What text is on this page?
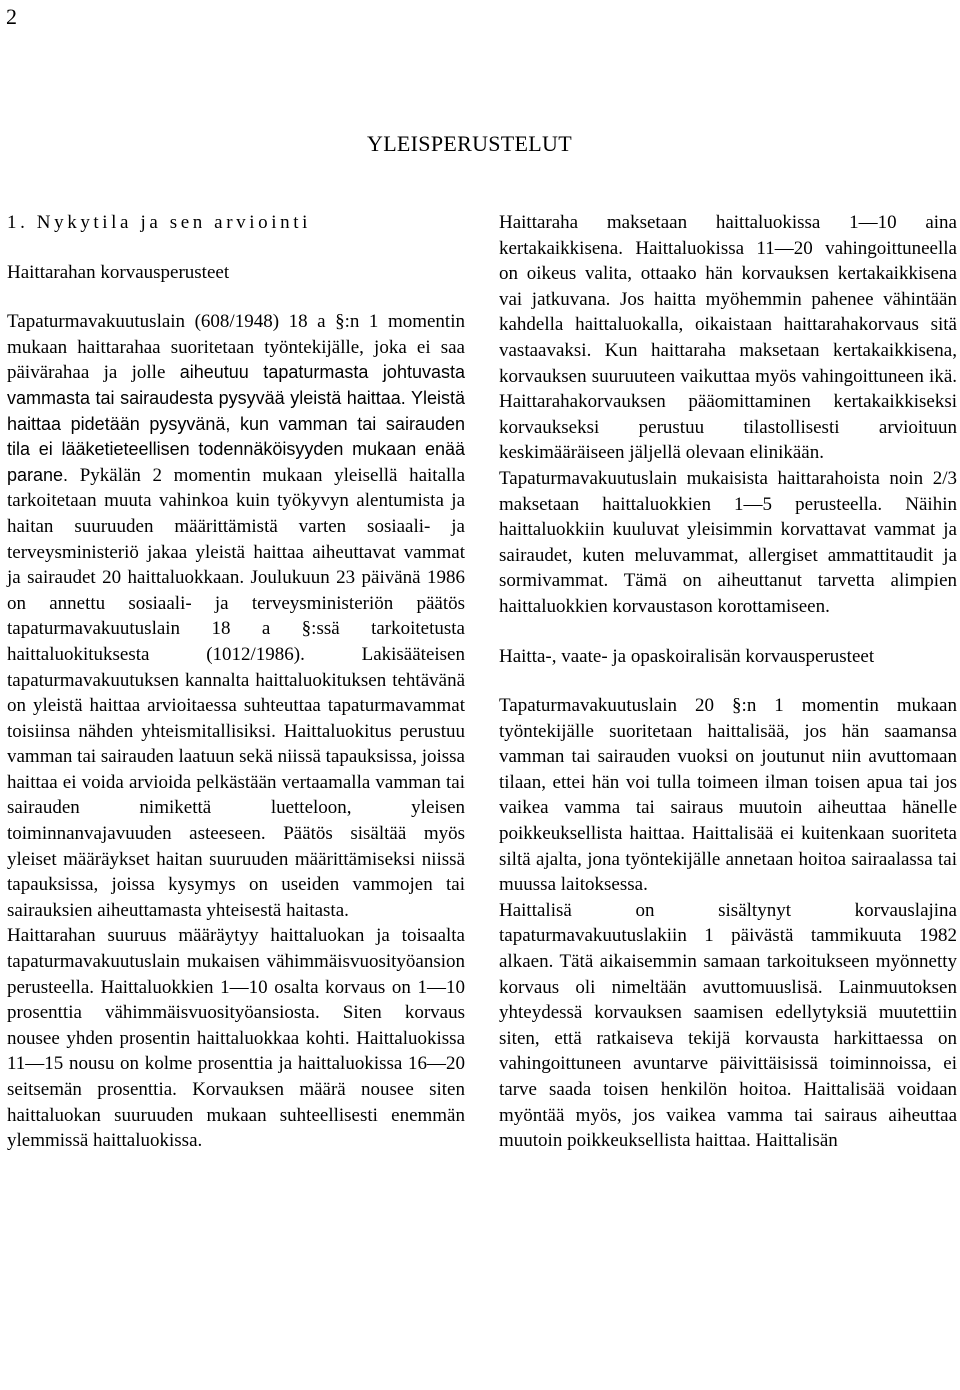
2
YLEISPERUSTELUT
1. Nykytila ja sen arviointi
Haittarahan korvausperusteet

Tapaturmavakuutuslain (608/1948) 18 a §:n 1 momentin mukaan haittarahaa suoritetaan työntekijälle, joka ei saa päivärahaa ja jolle aiheutuu tapaturmasta johtuvasta vammasta tai sairaudesta pysyvää yleistä haittaa. Yleistä haittaa pidetään pysyvänä, kun vamman tai sairauden tila ei lääketieteellisen todennäköisyyden mukaan enää parane. Pykälän 2 momentin mukaan yleisellä haitalla tarkoitetaan muuta vahinkoa kuin työkyvyn alentumista ja haitan suuruuden määrittämistä varten sosiaali- ja terveysministeriö jakaa yleistä haittaa aiheuttavat vammat ja sairaudet 20 haittaluokkaan. Joulukuun 23 päivänä 1986 on annettu sosiaali- ja terveysministeriön päätös tapaturmavakuutuslain 18 a §:ssä tarkoitetusta haittaluokituksesta (1012/1986). Lakisääteisen tapaturmavakuutuksen kannalta haittaluokituksen tehtävänä on yleistä haittaa arvioitaessa suhteuttaa tapaturmavammat toisiinsa nähden yhteismitallisiksi. Haittaluokitus perustuu vamman tai sairauden laatuun sekä niissä tapauksissa, joissa haittaa ei voida arvioida pelkästään vertaamalla vamman tai sairauden nimikettä luetteloon, yleisen toiminnanvajavuuden asteeseen. Päätös sisältää myös yleiset määräykset haitan suuruuden määrittämiseksi niissä tapauksissa, joissa kysymys on useiden vammojen tai sairauksien aiheuttamasta yhteisestä haitasta.

Haittarahan suuruus määräytyy haittaluokan ja toisaalta tapaturmavakuutuslain mukaisen vähimmäisvuosityöansion perusteella. Haittaluokkien 1—10 osalta korvaus on 1—10 prosenttia vähimmäisvuosityöansiosta. Siten korvaus nousee yhden prosentin haittaluokkaa kohti. Haittaluokissa 11—15 nousu on kolme prosenttia ja haittaluokissa 16—20 seitsemän prosenttia. Korvauksen määrä nousee siten haittaluokan suuruuden mukaan suhteellisesti enemmän ylemmissä haittaluokissa.

Haittaraha maksetaan haittaluokissa 1—10 aina kertakaikkisena. Haittaluokissa 11—20 vahingoittuneella on oikeus valita, ottaako hän korvauksen kertakaikkisena vai jatkuvana. Jos haitta myöhemmin pahenee vähintään kahdella haittaluokalla, oikaistaan haittarahakorvaus sitä vastaavaksi. Kun haittaraha maksetaan kertakaikkisena, korvauksen suuruuteen vaikuttaa myös vahingoittuneen ikä. Haittarahakorvauksen pääomittaminen kertakaikkiseksi korvaukseksi perustuu tilastollisesti arvioituun keskimääräiseen jäljellä olevaan elinikään.

Tapaturmavakuutuslain mukaisista haittarahoista noin 2/3 maksetaan haittaluokkien 1—5 perusteella. Näihin haittaluokkiin kuuluvat yleisimmin korvattavat vammat ja sairaudet, kuten meluvammat, allergiset ammattitaudit ja sormivammat. Tämä on aiheuttanut tarvetta alimpien haittaluokkien korvaustason korottamiseen.

Haitta-, vaate- ja opaskoiralisän korvausperusteet

Tapaturmavakuutuslain 20 §:n 1 momentin mukaan työntekijälle suoritetaan haittalisää, jos hän saamansa vamman tai sairauden vuoksi on joutunut niin avuttomaan tilaan, ettei hän voi tulla toimeen ilman toisen apua tai jos vaikea vamma tai sairaus muutoin aiheuttaa hänelle poikkeuksellista haittaa. Haittalisää ei kuitenkaan suoriteta siltä ajalta, jona työntekijälle annetaan hoitoa sairaalassa tai muussa laitoksessa.

Haittalisä on sisältynyt korvauslajina tapaturmavakuutuslakiin 1 päivästä tammikuuta 1982 alkaen. Tätä aikaisemmin samaan tarkoitukseen myönnetty korvaus oli nimeltään avuttomuuslisä. Lainmuutoksen yhteydessä korvauksen saamisen edellytyksiä muutettiin siten, että ratkaiseva tekijä korvausta harkittaessa on vahingoittuneen avuntarve päivittäisissä toiminnoissa, ei tarve saada toisen henkilön hoitoa. Haittalisää voidaan myöntää myös, jos vaikea vamma tai sairaus aiheuttaa muutoin poikkeuksellista haittaa. Haittalisän
